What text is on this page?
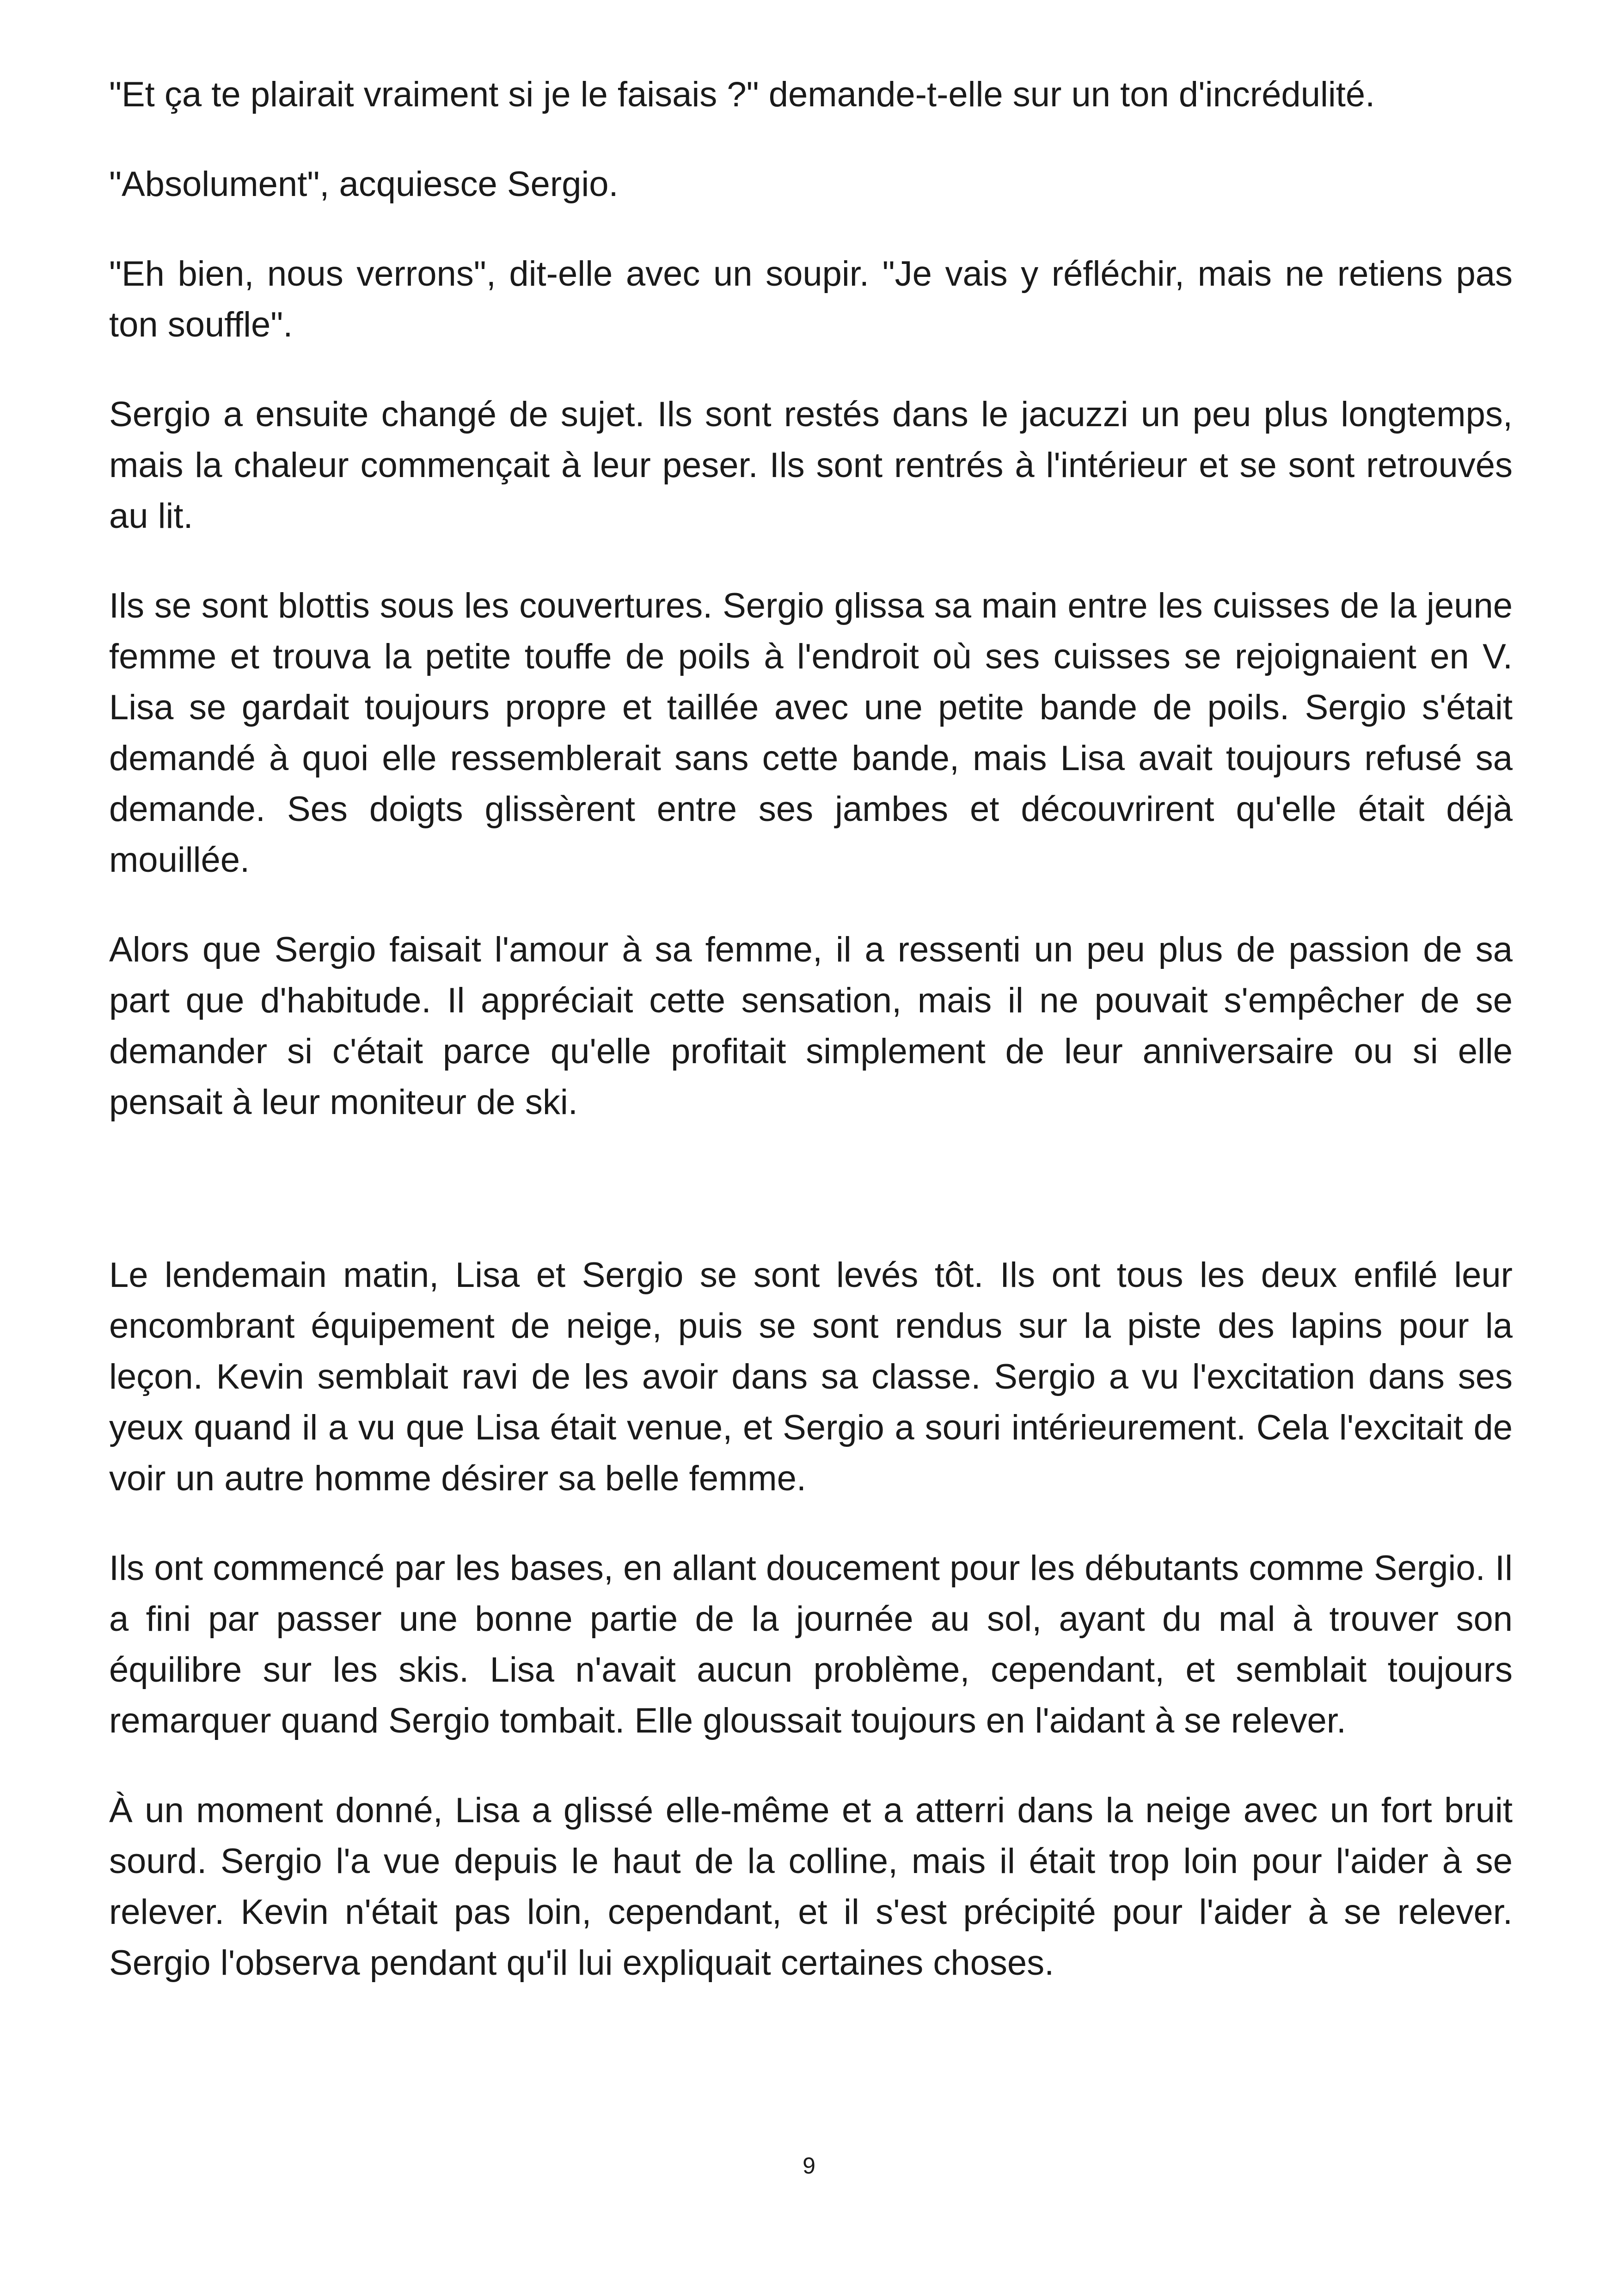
"Et ça te plairait vraiment si je le faisais ?" demande-t-elle sur un ton d'incrédulité.

"Absolument", acquiesce Sergio.

"Eh bien, nous verrons", dit-elle avec un soupir. "Je vais y réfléchir, mais ne retiens pas ton souffle".

Sergio a ensuite changé de sujet. Ils sont restés dans le jacuzzi un peu plus longtemps, mais la chaleur commençait à leur peser. Ils sont rentrés à l'intérieur et se sont retrouvés au lit.

Ils se sont blottis sous les couvertures. Sergio glissa sa main entre les cuisses de la jeune femme et trouva la petite touffe de poils à l'endroit où ses cuisses se rejoignaient en V. Lisa se gardait toujours propre et taillée avec une petite bande de poils. Sergio s'était demandé à quoi elle ressemblerait sans cette bande, mais Lisa avait toujours refusé sa demande. Ses doigts glissèrent entre ses jambes et découvrirent qu'elle était déjà mouillée.

Alors que Sergio faisait l'amour à sa femme, il a ressenti un peu plus de passion de sa part que d'habitude. Il appréciait cette sensation, mais il ne pouvait s'empêcher de se demander si c'était parce qu'elle profitait simplement de leur anniversaire ou si elle pensait à leur moniteur de ski.

Le lendemain matin, Lisa et Sergio se sont levés tôt. Ils ont tous les deux enfilé leur encombrant équipement de neige, puis se sont rendus sur la piste des lapins pour la leçon. Kevin semblait ravi de les avoir dans sa classe. Sergio a vu l'excitation dans ses yeux quand il a vu que Lisa était venue, et Sergio a souri intérieurement. Cela l'excitait de voir un autre homme désirer sa belle femme.

Ils ont commencé par les bases, en allant doucement pour les débutants comme Sergio. Il a fini par passer une bonne partie de la journée au sol, ayant du mal à trouver son équilibre sur les skis. Lisa n'avait aucun problème, cependant, et semblait toujours remarquer quand Sergio tombait. Elle gloussait toujours en l'aidant à se relever.

À un moment donné, Lisa a glissé elle-même et a atterri dans la neige avec un fort bruit sourd. Sergio l'a vue depuis le haut de la colline, mais il était trop loin pour l'aider à se relever. Kevin n'était pas loin, cependant, et il s'est précipité pour l'aider à se relever. Sergio l'observa pendant qu'il lui expliquait certaines choses.

9
